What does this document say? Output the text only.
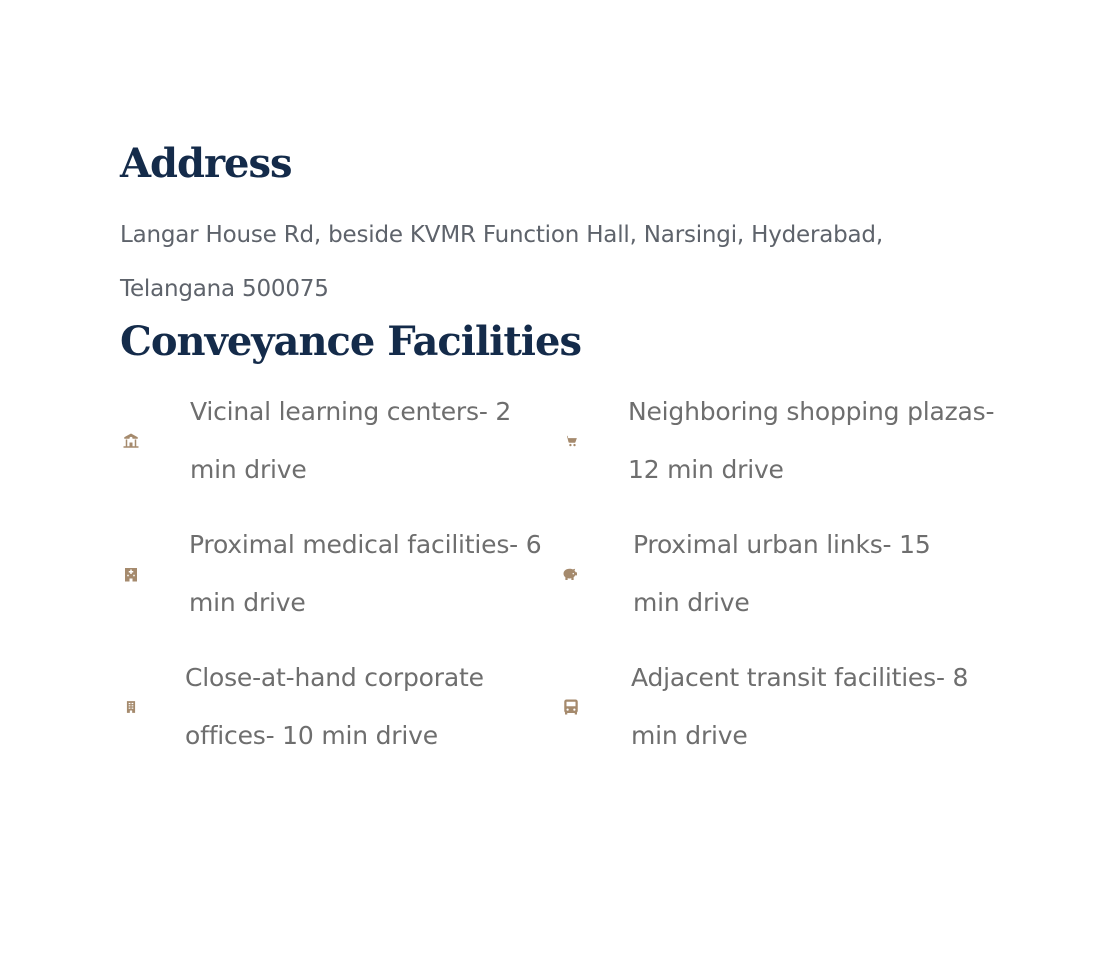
Address

Langar House Rd, beside KVMR Function Hall, Narsingi, Hyderabad, Telangana 500075

Conveyance Facilities
Vicinal learning centers- 2 min drive
Neighboring shopping plazas- 12 min drive
Proximal medical facilities- 6 min drive
Proximal urban links- 15 min drive
Close-at-hand corporate offices- 10 min drive
Adjacent transit facilities- 8 min drive
